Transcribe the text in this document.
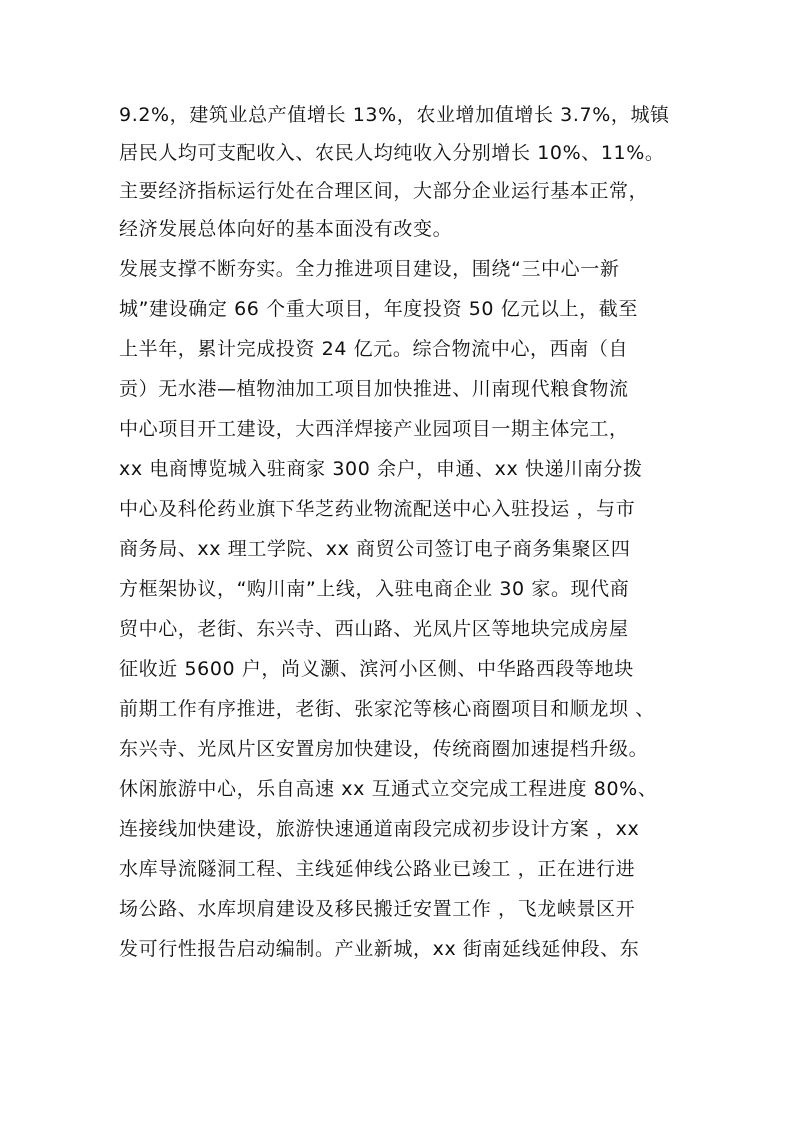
9.2%，建筑业总产值增长 13%，农业增加值增长 3.7%，城镇
居民人均可支配收入、农民人均纯收入分别增长 10%、11%。
主要经济指标运行处在合理区间，大部分企业运行基本正常，
经济发展总体向好的基本面没有改变。
发展支撑不断夯实。全力推进项目建设，围绕“三中心一新
城”建设确定 66 个重大项目，年度投资 50 亿元以上，截至
上半年，累计完成投资 24 亿元。综合物流中心，西南（自
贡）无水港—植物油加工项目加快推进、川南现代粮食物流
中心项目开工建设，大西洋焊接产业园项目一期主体完工，
xx 电商博览城入驻商家 300 余户，申通、xx 快递川南分拨
中心及科伦药业旗下华芝药业物流配送中心入驻投运 ，与市
商务局、xx 理工学院、xx 商贸公司签订电子商务集聚区四
方框架协议，“购川南”上线，入驻电商企业 30 家。现代商
贸中心，老街、东兴寺、西山路、光凤片区等地块完成房屋
征收近 5600 户，尚义灏、滨河小区侧、中华路西段等地块
前期工作有序推进，老街、张家沱等核心商圈项目和顺龙坝 、
东兴寺、光凤片区安置房加快建设，传统商圈加速提档升级。
休闲旅游中心，乐自高速 xx 互通式立交完成工程进度 80%、
连接线加快建设，旅游快速通道南段完成初步设计方案 ，xx
水库导流隧洞工程、主线延伸线公路业已竣工 ，正在进行进
场公路、水库坝肩建设及移民搬迁安置工作 ，飞龙峡景区开
发可行性报告启动编制。产业新城，xx 街南延线延伸段、东
